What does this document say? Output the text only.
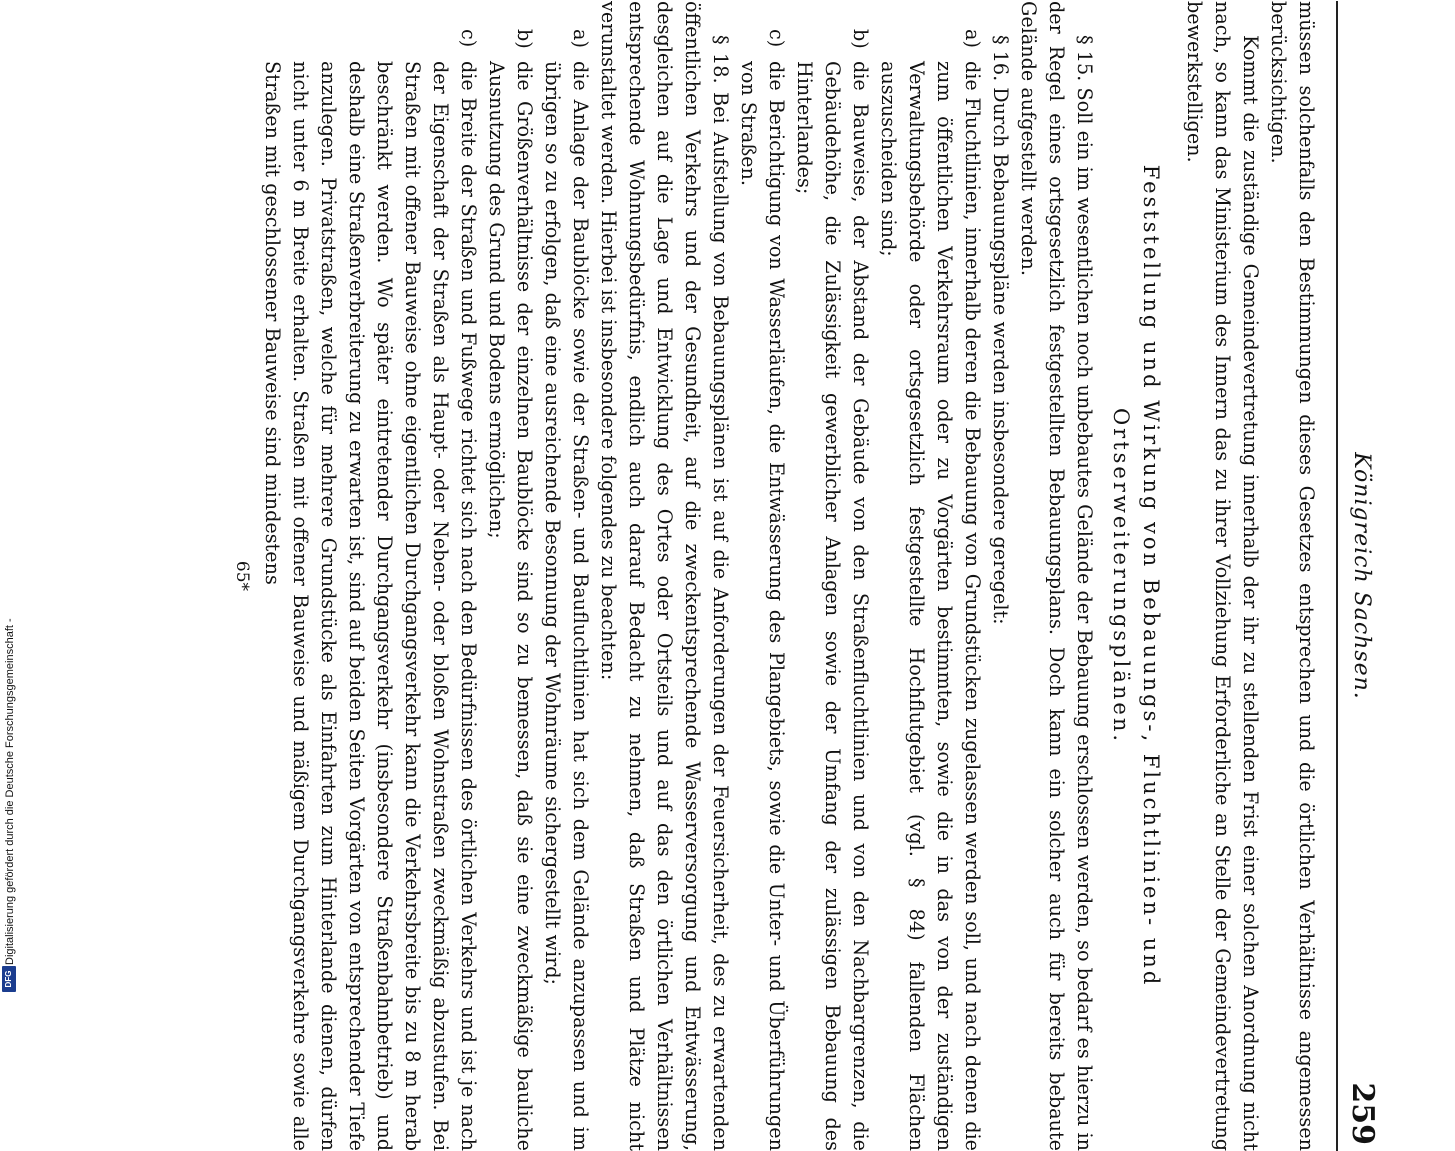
Digitalisierung gefördert durch die Deutsche Forschungsgemeinschaft -
DFG
Königreich Sachsen.
259

müssen solchenfalls den Bestimmungen dieses Gesetzes entsprechen und die örtlichen Verhältnisse angemessen berücksichtigen.

Kommt die zuständige Gemeindevertretung innerhalb der ihr zu stellenden Frist einer solchen Anordnung nicht nach, so kann das Ministerium des Innern das zu ihrer Vollziehung Erforderliche an Stelle der Gemeindevertretung bewerkstelligen.

Feststellung und Wirkung von Bebauungs-, Fluchtlinien- und Ortserweiterungsplänen.

§ 15. Soll ein im wesentlichen noch unbebautes Gelände der Bebauung erschlossen werden, so bedarf es hierzu in der Regel eines ortsgesetzlich festgestellten Bebauungsplans. Doch kann ein solcher auch für bereits bebaute Gelände aufgestellt werden.

§ 16. Durch Bebauungspläne werden insbesondere geregelt:

a)
die Fluchtlinien, innerhalb deren die Bebauung von Grundstücken zugelassen werden soll, und nach denen die zum öffentlichen Verkehrsraum oder zu Vorgärten bestimmten, sowie die in das von der zuständigen Verwaltungsbehörde oder ortsgesetzlich festgestellte Hochflutgebiet (vgl. § 84) fallenden Flächen auszuscheiden sind;

b)
die Bauweise, der Abstand der Gebäude von den Straßenfluchtlinien und von den Nachbargrenzen, die Gebäudehöhe, die Zulässigkeit gewerblicher Anlagen sowie der Umfang der zulässigen Bebauung des Hinterlandes;

c)
die Berichtigung von Wasserläufen, die Entwässerung des Plangebiets, sowie die Unter- und Überführungen von Straßen.

§ 18. Bei Aufstellung von Bebauungsplänen ist auf die Anforderungen der Feuersicherheit, des zu erwartenden öffentlichen Verkehrs und der Gesundheit, auf die zweckentsprechende Wasserversorgung und Entwässerung, desgleichen auf die Lage und Entwicklung des Ortes oder Ortsteils und auf das den örtlichen Verhältnissen entsprechende Wohnungsbedürfnis, endlich auch darauf Bedacht zu nehmen, daß Straßen und Plätze nicht verunstaltet werden. Hierbei ist insbesondere folgendes zu beachten:

a)
die Anlage der Baublöcke sowie der Straßen- und Baufluchtlinien hat sich dem Gelände anzupassen und im übrigen so zu erfolgen, daß eine ausreichende Besonnung der Wohnräume sichergestellt wird;

b)
die Größenverhältnisse der einzelnen Baublöcke sind so zu bemessen, daß sie eine zweckmäßige bauliche Ausnutzung des Grund und Bodens ermöglichen;

c)
die Breite der Straßen und Fußwege richtet sich nach den Bedürfnissen des örtlichen Verkehrs und ist je nach der Eigenschaft der Straßen als Haupt- oder Neben- oder bloßen Wohnstraßen zweckmäßig abzustufen. Bei Straßen mit offener Bauweise ohne eigentlichen Durchgangsverkehr kann die Verkehrsbreite bis zu 8 m herab beschränkt werden. Wo später eintretender Durchgangsverkehr (insbesondere Straßenbahnbetrieb) und deshalb eine Straßenverbreiterung zu erwarten ist, sind auf beiden Seiten Vorgärten von entsprechender Tiefe anzulegen. Privatstraßen, welche für mehrere Grundstücke als Einfahrten zum Hinterlande dienen, dürfen nicht unter 6 m Breite erhalten. Straßen mit offener Bauweise und mäßigem Durchgangsverkehre sowie alle Straßen mit geschlossener Bauweise sind mindestens

65*
